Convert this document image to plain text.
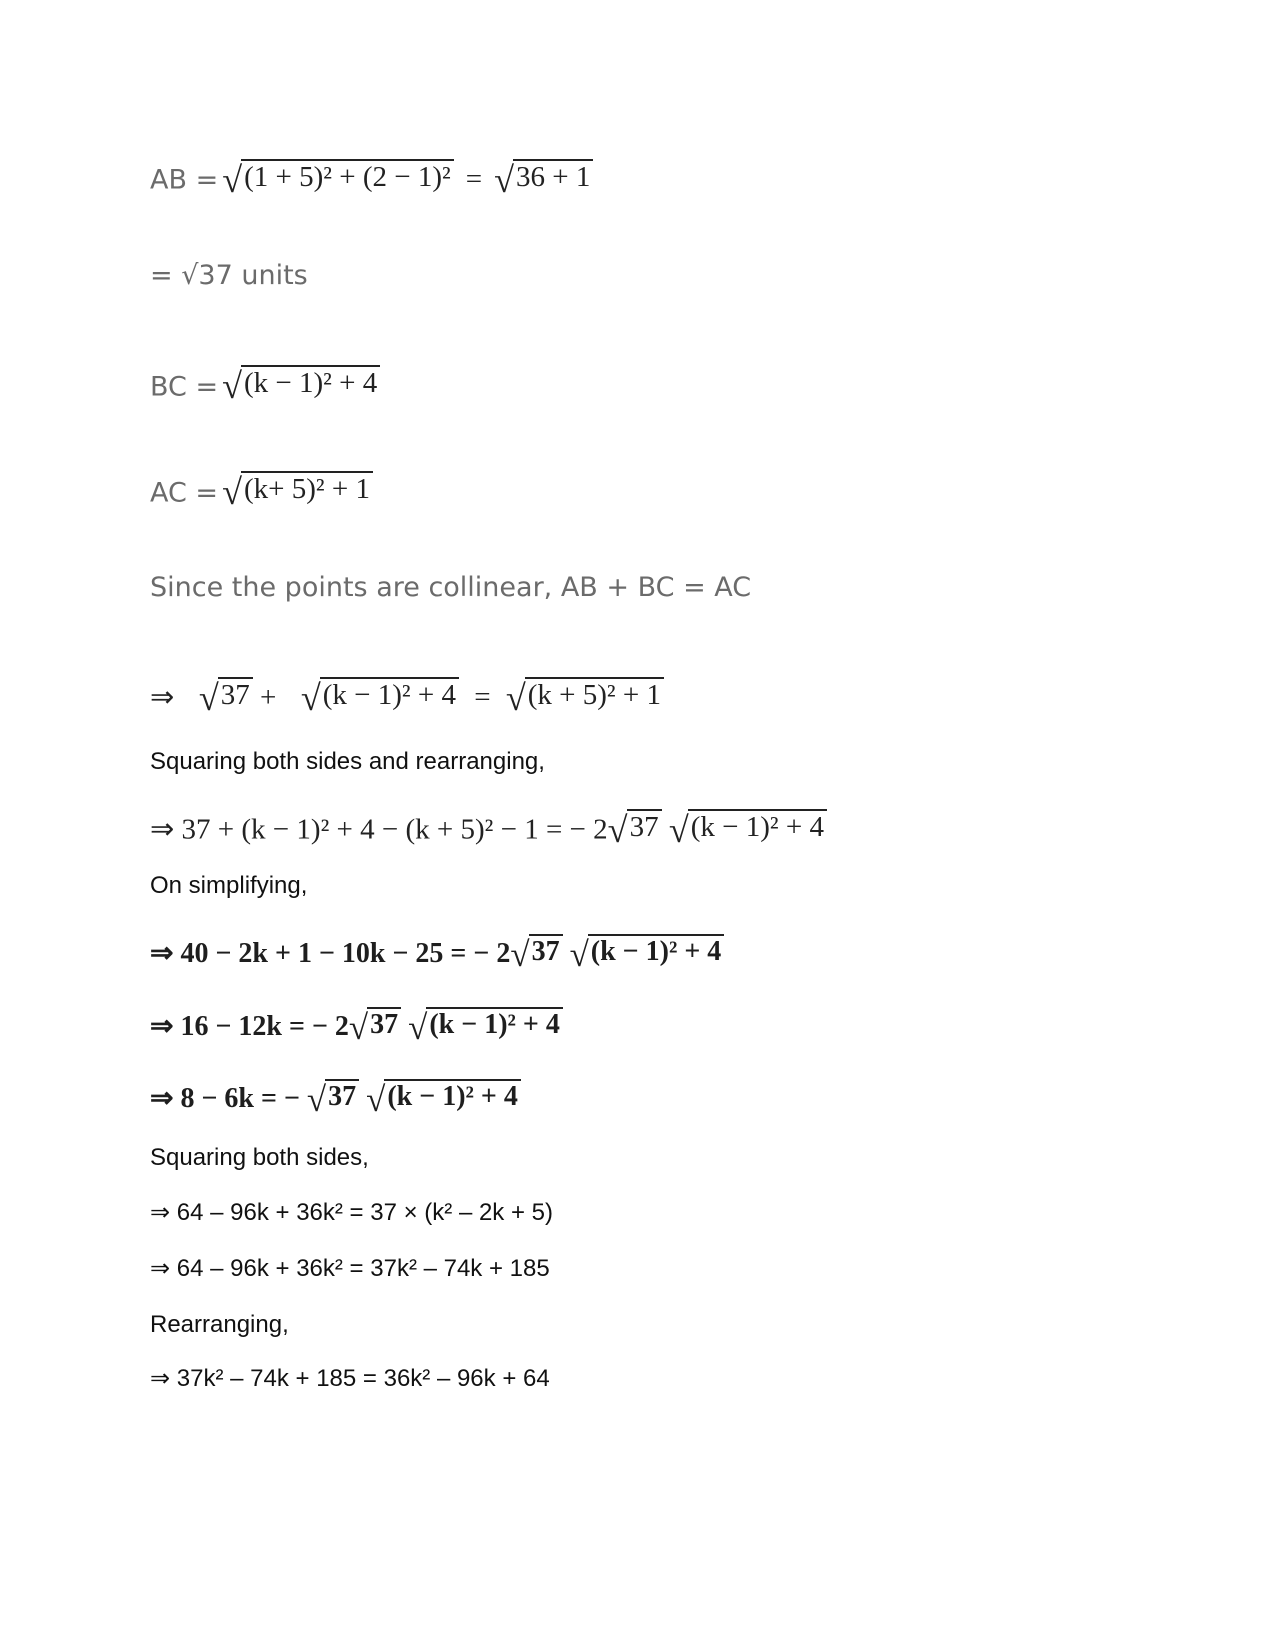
AB = √ (1 + 5)² + (2 − 1)² = √ 36 + 1
= √37 units
BC = √ (k − 1)² + 4
AC = √ (k+ 5)² + 1
Since the points are collinear, AB + BC = AC
⇒ √ 37 + √ (k − 1)² + 4 = √ (k + 5)² + 1
Squaring both sides and rearranging,
⇒ 37 + (k − 1)² + 4 − (k + 5)² − 1 = − 2 √ 37
√ (k − 1)² + 4
On simplifying,
⇒ 40 − 2k + 1 − 10k − 25 = − 2 √ 37
√ (k − 1)² + 4
⇒ 16 − 12k = − 2 √ 37
√ (k − 1)² + 4
⇒ 8 − 6k = − √ 37
√ (k − 1)² + 4
Squaring both sides,
⇒ 64 – 96k + 36k² = 37 × (k² – 2k + 5)
⇒ 64 – 96k + 36k² = 37k² – 74k + 185
Rearranging,
⇒ 37k² – 74k + 185 = 36k² – 96k + 64
